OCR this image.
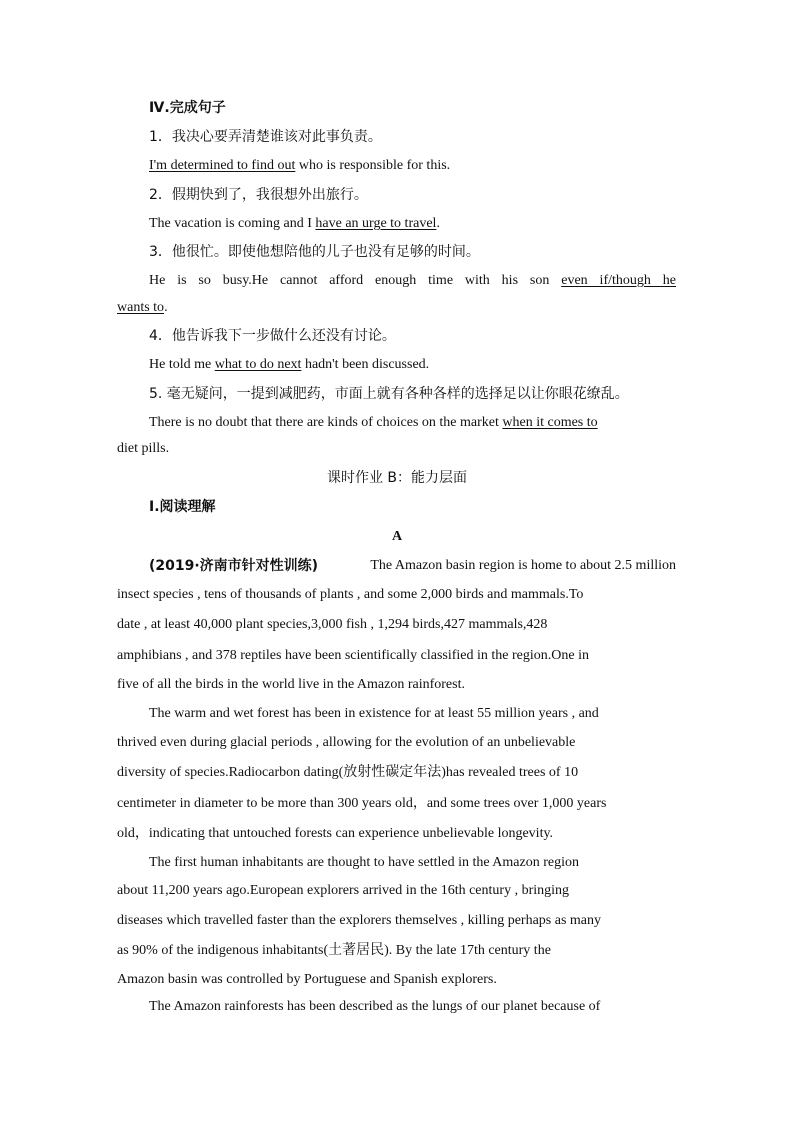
Ⅳ.完成句子
1．我决心要弄清楚谁该对此事负责。
I'm determined to find out who is responsible for this.
2．假期快到了，我很想外出旅行。
The vacation is coming and I have an urge to travel.
3．他很忙。即使他想陪他的儿子也没有足够的时间。
He is so busy.He cannot afford enough time with his son even if/though he
wants to.
4．他告诉我下一步做什么还没有讨论。
He told me what to do next hadn't been discussed.
5. 毫无疑问，一提到减肥药，市面上就有各种各样的选择足以让你眼花缭乱。
There is no doubt that there are kinds of choices on the market when it comes to
diet pills.
课时作业 B：能力层面
Ⅰ.阅读理解
A
(2019·济南市针对性训练)	The Amazon basin region is home to about 2.5 million
insect species , tens of thousands of plants , and some 2,000 birds and mammals.To
date , at least 40,000 plant species,3,000 fish , 1,294 birds,427 mammals,428
amphibians , and 378 reptiles have been scientifically classified in the region.One in
five of all the birds in the world live in the Amazon rainforest.
The warm and wet forest has been in existence for at least 55 million years , and
thrived even during glacial periods , allowing for the evolution of an unbelievable
diversity of species.Radiocarbon dating(放射性碳定年法)has revealed trees of 10
centimeter in diameter to be more than 300 years old，and some trees over 1,000 years
old，indicating that untouched forests can experience unbelievable longevity.
The first human inhabitants are thought to have settled in the Amazon region
about 11,200 years ago.European explorers arrived in the 16th century , bringing
diseases which travelled faster than the explorers themselves , killing perhaps as many
as 90% of the indigenous inhabitants(土著居民). By the late 17th century the
Amazon basin was controlled by Portuguese and Spanish explorers.
The Amazon rainforests has been described as the lungs of our planet because of
